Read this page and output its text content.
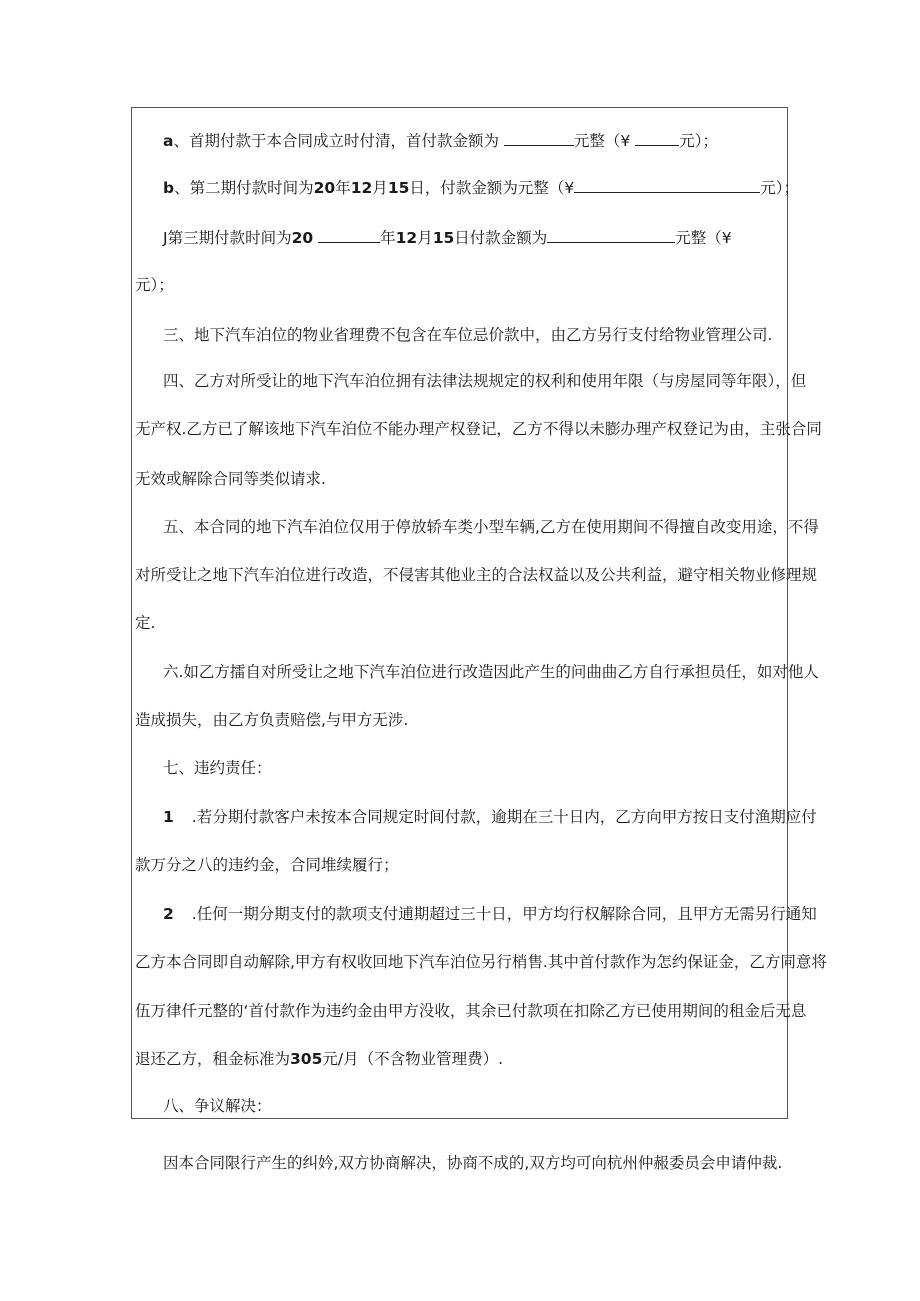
a、首期付款于本合同成立时付清，首付款金额为	元整（¥	元）；
b、第二期付款时间为20年12月15日，付款金额为元整（¥	元）；
J第三期付款时间为20	年12月15日付款金额为	元整（¥
元）；
三、地下汽车泊位的物业省理费不包含在车位忌价款中，由乙方另行支付给物业管理公司.
四、乙方对所受让的地下汽车泊位拥有法律法规规定的权利和使用年限（与房屋同等年限），但
无产权.乙方已了解该地下汽车泊位不能办理产权登记，乙方不得以未膨办理产权登记为由，主张合同
无效或解除合同等类似请求.
五、本合同的地下汽车泊位仅用于停放轿车类小型车辆,乙方在使用期间不得擅自改变用途，不得
对所受让之地下汽车泊位进行改造，不侵害其他业主的合法权益以及公共利益，避守相关物业修理规
定.
六.如乙方擂自对所受让之地下汽车泊位进行改造因此产生的问曲曲乙方自行承担员任，如对他人
造成损失，由乙方负责赔偿,与甲方无涉.
七、违约责任：
1 .若分期付款客户未按本合同规定时间付款，逾期在三十日内，乙方向甲方按日支付渔期应付
款万分之八的违约金，合同堆续履行；
2 .任何一期分期支付的款项支付逋期超过三十日，甲方均行权解除合同，且甲方无需另行通知
乙方本合同即自动解除,甲方有权收回地下汽车泊位另行梢售.其中首付款作为怎约保证金，乙方同意将
伍万律仟元整的‘首付款作为违约金由甲方没收，其余已付款项在扣除乙方已使用期间的租金后无息
退还乙方，租金标准为305元/月（不含物业管理费）.
八、争议解决：
因本合同限行产生的纠妗,双方协商解决，协商不成的,双方均可向杭州仲赧委员会申请仲裁.
